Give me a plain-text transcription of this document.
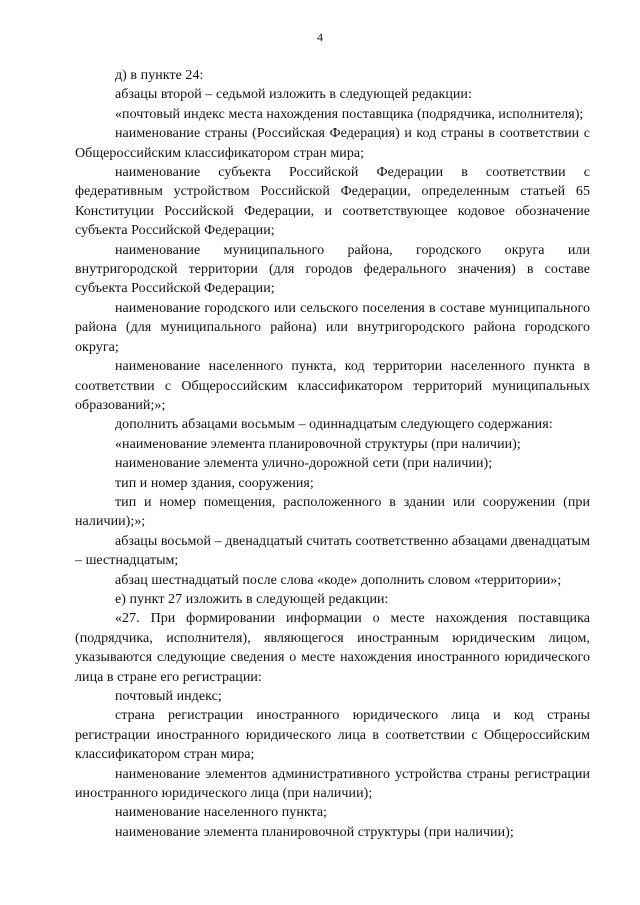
4

д) в пункте 24:

абзацы второй – седьмой изложить в следующей редакции:

«почтовый индекс места нахождения поставщика (подрядчика, исполнителя);

наименование страны (Российская Федерация) и код страны в соответствии с Общероссийским классификатором стран мира;

наименование субъекта Российской Федерации в соответствии с федеративным устройством Российской Федерации, определенным статьей 65 Конституции Российской Федерации, и соответствующее кодовое обозначение субъекта Российской Федерации;

наименование муниципального района, городского округа или внутригородской территории (для городов федерального значения) в составе субъекта Российской Федерации;

наименование городского или сельского поселения в составе муниципального района (для муниципального района) или внутригородского района городского округа;

наименование населенного пункта, код территории населенного пункта в соответствии с Общероссийским классификатором территорий муниципальных образований;»;

дополнить абзацами восьмым – одиннадцатым следующего содержания:

«наименование элемента планировочной структуры (при наличии);

наименование элемента улично-дорожной сети (при наличии);

тип и номер здания, сооружения;

тип и номер помещения, расположенного в здании или сооружении (при наличии);»;

абзацы восьмой – двенадцатый считать соответственно абзацами двенадцатым – шестнадцатым;

абзац шестнадцатый после слова «коде» дополнить словом «территории»;

е) пункт 27 изложить в следующей редакции:

«27. При формировании информации о месте нахождения поставщика (подрядчика, исполнителя), являющегося иностранным юридическим лицом, указываются следующие сведения о месте нахождения иностранного юридического лица в стране его регистрации:

почтовый индекс;

страна регистрации иностранного юридического лица и код страны регистрации иностранного юридического лица в соответствии с Общероссийским классификатором стран мира;

наименование элементов административного устройства страны регистрации иностранного юридического лица (при наличии);

наименование населенного пункта;

наименование элемента планировочной структуры (при наличии);
